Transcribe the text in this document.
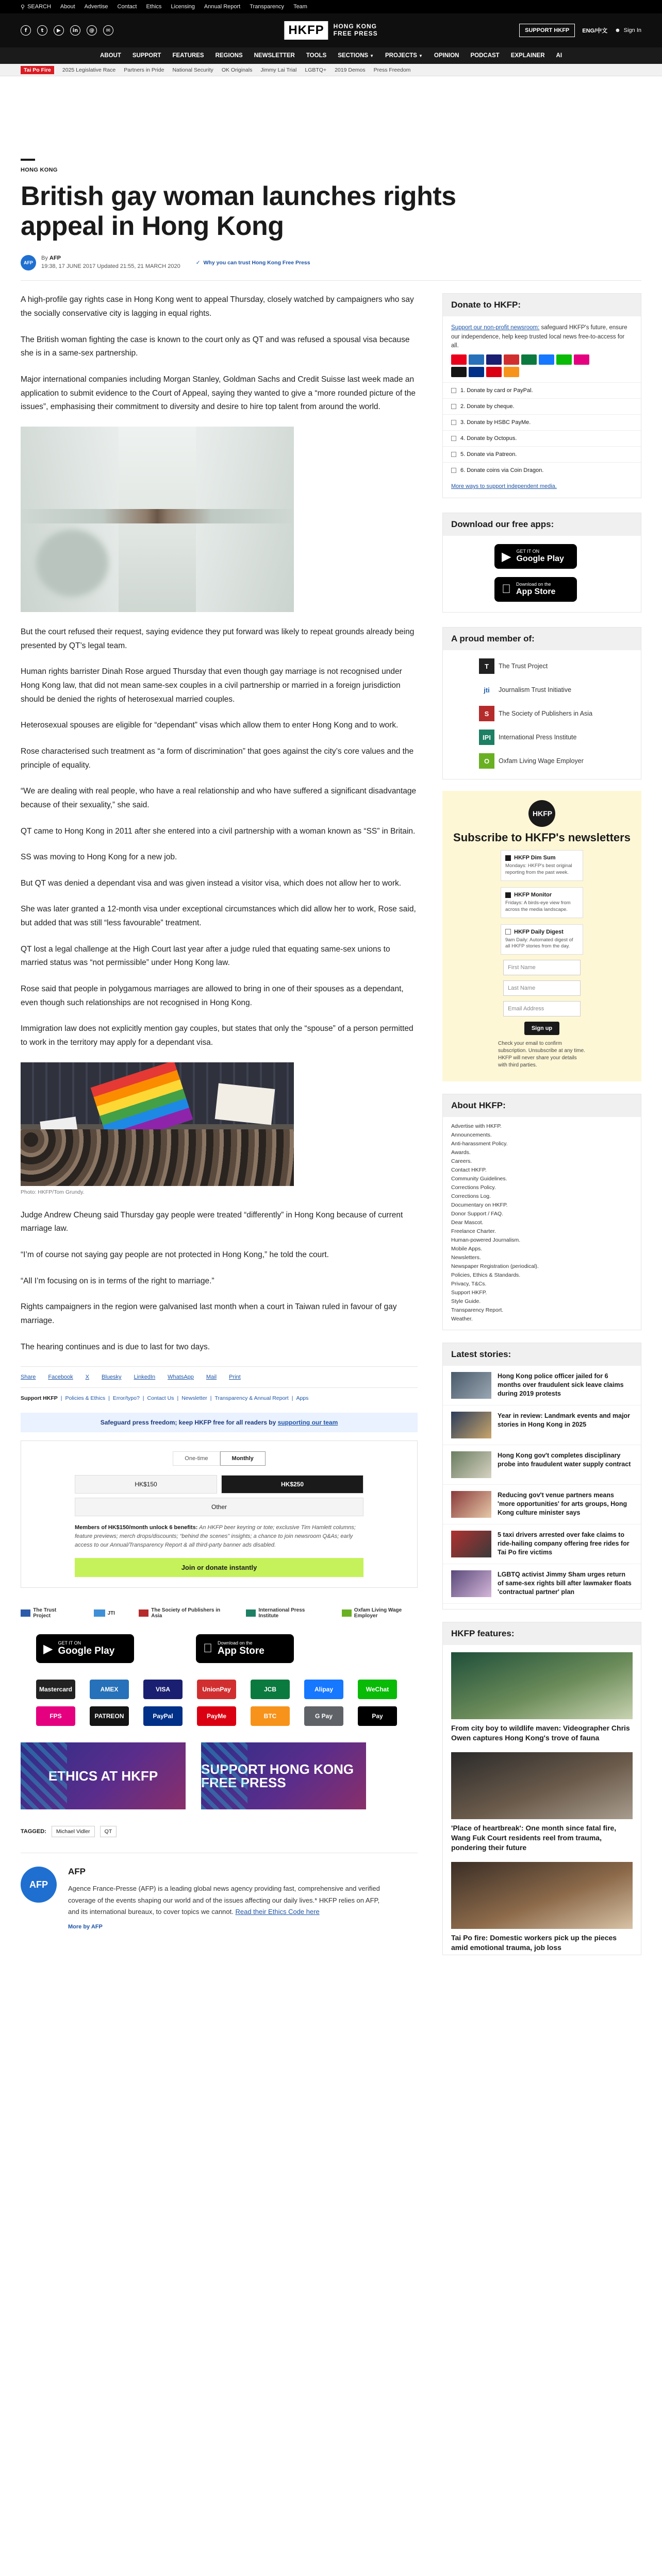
⚲ SEARCH About Advertise Contact Ethics Licensing Annual Report Transparency Team
f	t	▶	in	@	✉	HKFP	HONG KONG
FREE PRESS	SUPPORT HKFP	ENG/中文 ☻ Sign In
ABOUT SUPPORT FEATURES REGIONS NEWSLETTER TOOLS SECTIONS ▼ PROJECTS ▼ OPINION PODCAST EXPLAINER AI
Tai Po Fire	2025 Legislative Race Partners in Pride National Security OK Originals Jimmy Lai Trial LGBTQ+ 2019 Demos Press Freedom
HONG KONG
British gay woman launches rights appeal in Hong Kong
AFP
By AFP
19:38, 17 JUNE 2017 Updated 21:55, 21 MARCH 2020
✓ Why you can trust Hong Kong Free Press

A high-profile gay rights case in Hong Kong went to appeal Thursday, closely watched by campaigners who say the socially conservative city is lagging in equal rights.

The British woman fighting the case is known to the court only as QT and was refused a spousal visa because she is in a same-sex partnership.

Major international companies including Morgan Stanley, Goldman Sachs and Credit Suisse last week made an application to submit evidence to the Court of Appeal, saying they wanted to give a “more rounded picture of the issues”, emphasising their commitment to diversity and desire to hire top talent from around the world.

But the court refused their request, saying evidence they put forward was likely to repeat grounds already being presented by QT’s legal team.

Human rights barrister Dinah Rose argued Thursday that even though gay marriage is not recognised under Hong Kong law, that did not mean same-sex couples in a civil partnership or married in a foreign jurisdiction should be denied the rights of heterosexual married couples.

Heterosexual spouses are eligible for “dependant” visas which allow them to enter Hong Kong and to work.

Rose characterised such treatment as “a form of discrimination” that goes against the city’s core values and the principle of equality.

“We are dealing with real people, who have a real relationship and who have suffered a significant disadvantage because of their sexuality,” she said.

QT came to Hong Kong in 2011 after she entered into a civil partnership with a woman known as “SS” in Britain.

SS was moving to Hong Kong for a new job.

But QT was denied a dependant visa and was given instead a visitor visa, which does not allow her to work.

She was later granted a 12-month visa under exceptional circumstances which did allow her to work, Rose said, but added that was still “less favourable” treatment.

QT lost a legal challenge at the High Court last year after a judge ruled that equating same-sex unions to married status was “not permissible” under Hong Kong law.

Rose said that people in polygamous marriages are allowed to bring in one of their spouses as a dependant, even though such relationships are not recognised in Hong Kong.

Immigration law does not explicitly mention gay couples, but states that only the “spouse” of a person permitted to work in the territory may apply for a dependant visa.

Photo: HKFP/Tom Grundy.

Judge Andrew Cheung said Thursday gay people were treated “differently” in Hong Kong because of current marriage law.

“I’m of course not saying gay people are not protected in Hong Kong,” he told the court.

“All I’m focusing on is in terms of the right to marriage.”

Rights campaigners in the region were galvanised last month when a court in Taiwan ruled in favour of gay marriage.

The hearing continues and is due to last for two days.

Share Facebook X Bluesky LinkedIn WhatsApp Mail Print
Support HKFP | Policies & Ethics | Error/typo? | Contact Us | Newsletter | Transparency & Annual Report | Apps
Safeguard press freedom; keep HKFP free for all readers by supporting our team
One-time	Monthly
HK$150	HK$250
Other
Members of HK$150/month unlock 6 benefits: An HKFP beer keyring or tote; exclusive Tim Hamlett columns; feature previews; merch drops/discounts; “behind the scenes” insights; a chance to join newsroom Q&As; early access to our Annual/Transparency Report & all third-party banner ads disabled.
Join or donate instantly
The Trust Project	JTI	The Society of Publishers in Asia
International Press Institute
Oxfam Living Wage Employer
▶ GET IT ON
Google Play
Download on the
App Store
Mastercard	AMEX	VISA	UnionPay	JCB	Alipay	WeChat
FPS	PATREON	PayPal	PayMe	BTC	G Pay	Pay
ETHICS AT HKFP	SUPPORT HONG KONG FREE PRESS
TAGGED:	Michael Vidler	QT
AFP
AFP
Agence France-Presse (AFP) is a leading global news agency providing fast, comprehensive and verified coverage of the events shaping our world and of the issues affecting our daily lives.* HKFP relies on AFP, and its international bureaux, to cover topics we cannot. Read their Ethics Code here
More by AFP
Donate to HKFP:
Support our non-profit newsroom: safeguard HKFP's future, ensure our independence, help keep trusted local news free-to-access for all.
1. Donate by card or PayPal.
2. Donate by cheque.
3. Donate by HSBC PayMe.
4. Donate by Octopus.
5. Donate via Patreon.
6. Donate coins via Coin Dragon.
More ways to support independent media.
Download our free apps:
▶ GET IT ON
Google Play
Download on the
App Store
A proud member of:
T	The Trust Project
jti	Journalism Trust Initiative
S	The Society of Publishers in Asia
IPI	International Press Institute
O	Oxfam Living Wage Employer
HKFP
Subscribe to HKFP's newsletters
HKFP Dim Sum
Mondays: HKFP's best original reporting from the past week.
HKFP Monitor
Fridays: A birds-eye view from across the media landscape.
HKFP Daily Digest
9am Daily: Automated digest of all HKFP stories from the day.
First Name
Last Name
Email Address
Sign up
Check your email to confirm subscription. Unsubscribe at any time. HKFP will never share your details with third parties.
About HKFP:
Advertise with HKFP.
Announcements.
Anti-harassment Policy.
Awards.
Careers.
Contact HKFP.
Community Guidelines.
Corrections Policy.
Corrections Log.
Documentary on HKFP.
Donor Support / FAQ.
Dear Mascot.
Freelance Charter.
Human-powered Journalism.
Mobile Apps.
Newsletters.
Newspaper Registration (periodical).
Policies, Ethics & Standards.
Privacy, T&Cs.
Support HKFP.
Style Guide.
Transparency Report.
Weather.
Latest stories:
Hong Kong police officer jailed for 6 months over fraudulent sick leave claims during 2019 protests
Year in review: Landmark events and major stories in Hong Kong in 2025
Hong Kong gov't completes disciplinary probe into fraudulent water supply contract
Reducing gov't venue partners means 'more opportunities' for arts groups, Hong Kong culture minister says
5 taxi drivers arrested over fake claims to ride-hailing company offering free rides for Tai Po fire victims
LGBTQ activist Jimmy Sham urges return of same-sex rights bill after lawmaker floats 'contractual partner' plan
HKFP features:
From city boy to wildlife maven: Videographer Chris Owen captures Hong Kong's trove of fauna
'Place of heartbreak': One month since fatal fire, Wang Fuk Court residents reel from trauma, pondering their future
Tai Po fire: Domestic workers pick up the pieces amid emotional trauma, job loss
